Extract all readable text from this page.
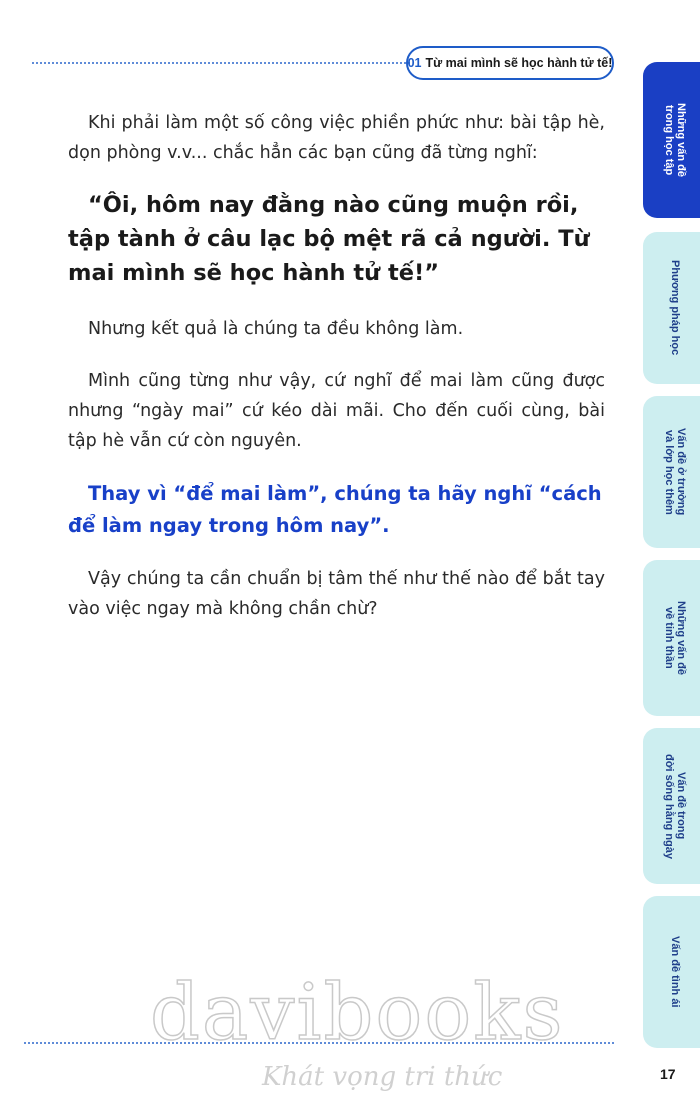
01 Từ mai mình sẽ học hành tử tế!

Khi phải làm một số công việc phiền phức như: bài tập hè, dọn phòng v.v... chắc hẳn các bạn cũng đã từng nghĩ:

“Ôi, hôm nay đằng nào cũng muộn rồi, tập tành ở câu lạc bộ mệt rã cả người. Từ mai mình sẽ học hành tử tế!”

Nhưng kết quả là chúng ta đều không làm.

Mình cũng từng như vậy, cứ nghĩ để mai làm cũng được nhưng “ngày mai” cứ kéo dài mãi. Cho đến cuối cùng, bài tập hè vẫn cứ còn nguyên.

Thay vì “để mai làm”, chúng ta hãy nghĩ “cách để làm ngay trong hôm nay”.

Vậy chúng ta cần chuẩn bị tâm thế như thế nào để bắt tay vào việc ngay mà không chần chừ?

Những vấn đề
trong học tập
Phương pháp học
Vấn đề ở trường
và lớp học thêm
Những vấn đề
về tinh thần
Vấn đề trong
đời sống hằng ngày
Vấn đề tình ái
davibooks
Khát vọng tri thức	17
